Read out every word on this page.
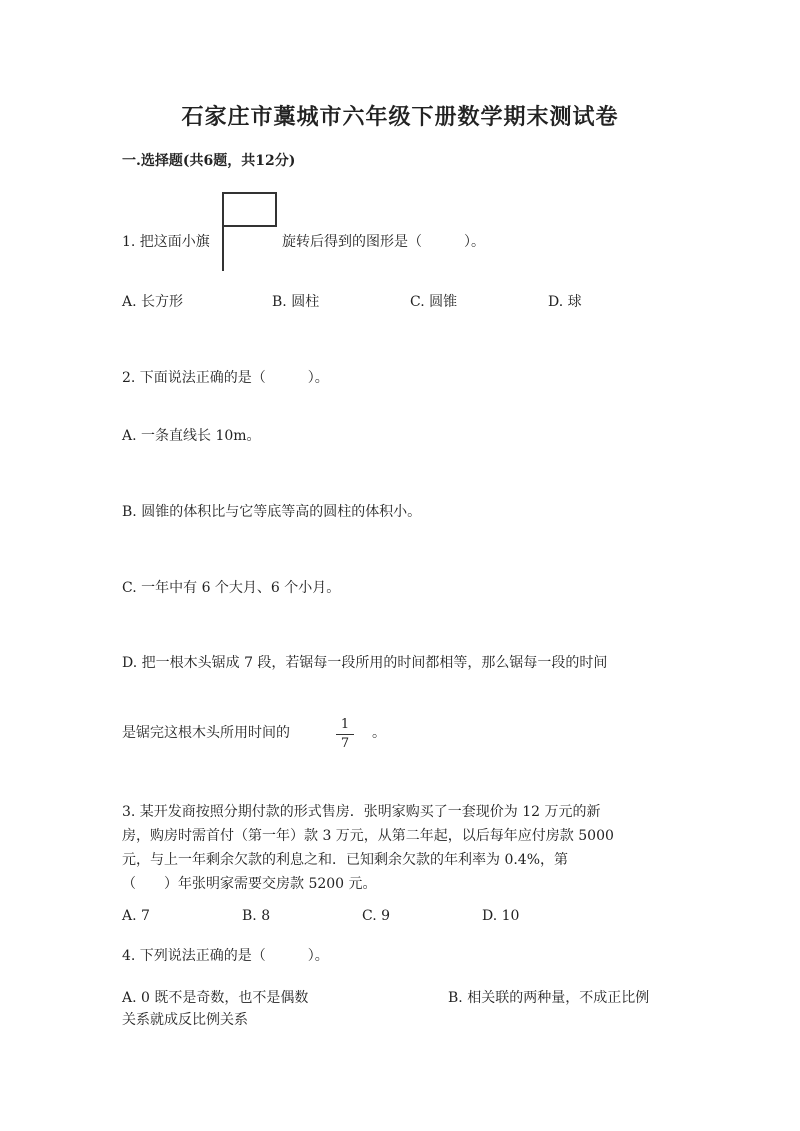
石家庄市藁城市六年级下册数学期末测试卷
一.选择题(共6题，共12分)
1. 把这面小旗	旋转后得到的图形是（　　　）。
A. 长方形	B. 圆柱	C. 圆锥	D. 球
2. 下面说法正确的是（　　　）。
A. 一条直线长 10m。
B. 圆锥的体积比与它等底等高的圆柱的体积小。
C. 一年中有 6 个大月、6 个小月。
D. 把一根木头锯成 7 段，若锯每一段所用的时间都相等，那么锯每一段的时间
是锯完这根木头所用时间的
1
7
。
3. 某开发商按照分期付款的形式售房．张明家购买了一套现价为 12 万元的新
房，购房时需首付（第一年）款 3 万元，从第二年起，以后每年应付房款 5000
元，与上一年剩余欠款的利息之和．已知剩余欠款的年利率为 0.4%，第
（　　）年张明家需要交房款 5200 元。
A. 7	B. 8	C. 9	D. 10
4. 下列说法正确的是（　　　）。
A. 0 既不是奇数，也不是偶数	B. 相关联的两种量，不成正比例
关系就成反比例关系
